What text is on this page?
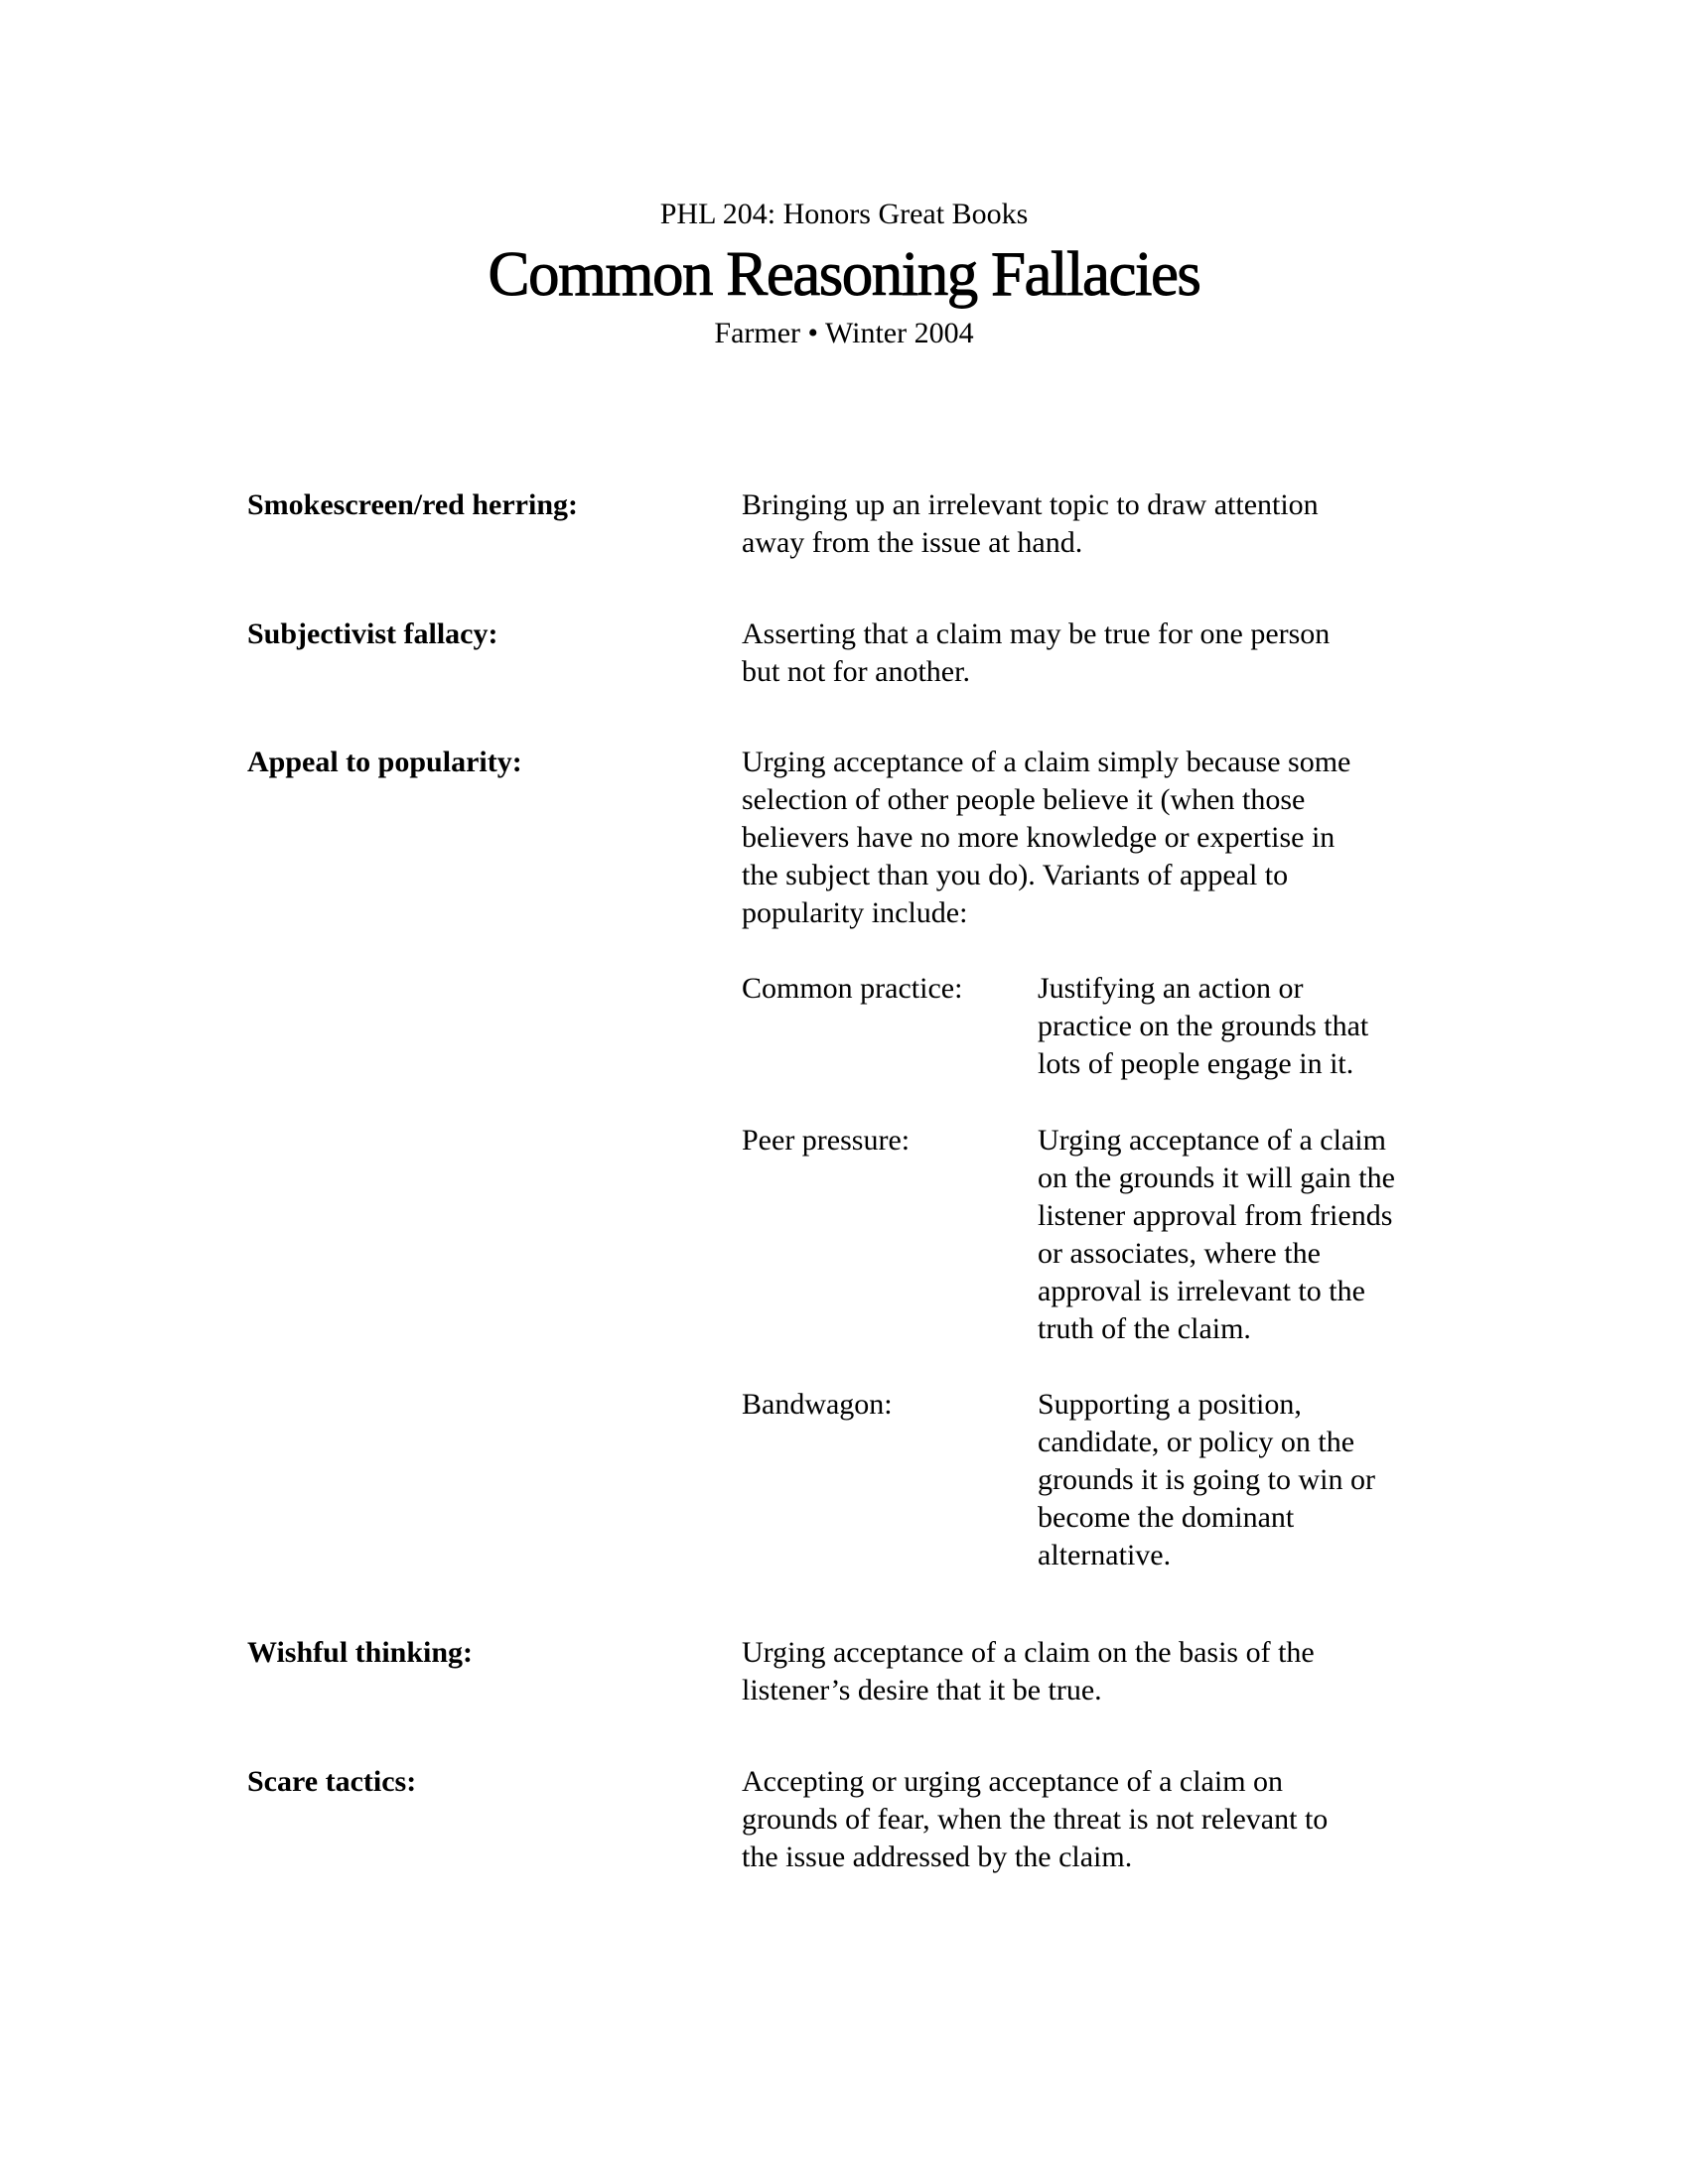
PHL 204: Honors Great Books
Common Reasoning Fallacies
Farmer • Winter 2004
Smokescreen/red herring:	Bringing up an irrelevant topic to draw attention

away from the issue at hand.

Subjectivist fallacy:	Asserting that a claim may be true for one person

but not for another.

Appeal to popularity:	Urging acceptance of a claim simply because some

selection of other people believe it (when those

believers have no more knowledge or expertise in

the subject than you do). Variants of appeal to

popularity include:

Common practice:	Justifying an action or
practice on the grounds that
lots of people engage in it.
Peer pressure:	Urging acceptance of a claim
on the grounds it will gain the
listener approval from friends
or associates, where the
approval is irrelevant to the
truth of the claim.
Bandwagon:	Supporting a position,
candidate, or policy on the
grounds it is going to win or
become the dominant
alternative.
Wishful thinking:	Urging acceptance of a claim on the basis of the

listener’s desire that it be true.

Scare tactics:	Accepting or urging acceptance of a claim on

grounds of fear, when the threat is not relevant to

the issue addressed by the claim.
